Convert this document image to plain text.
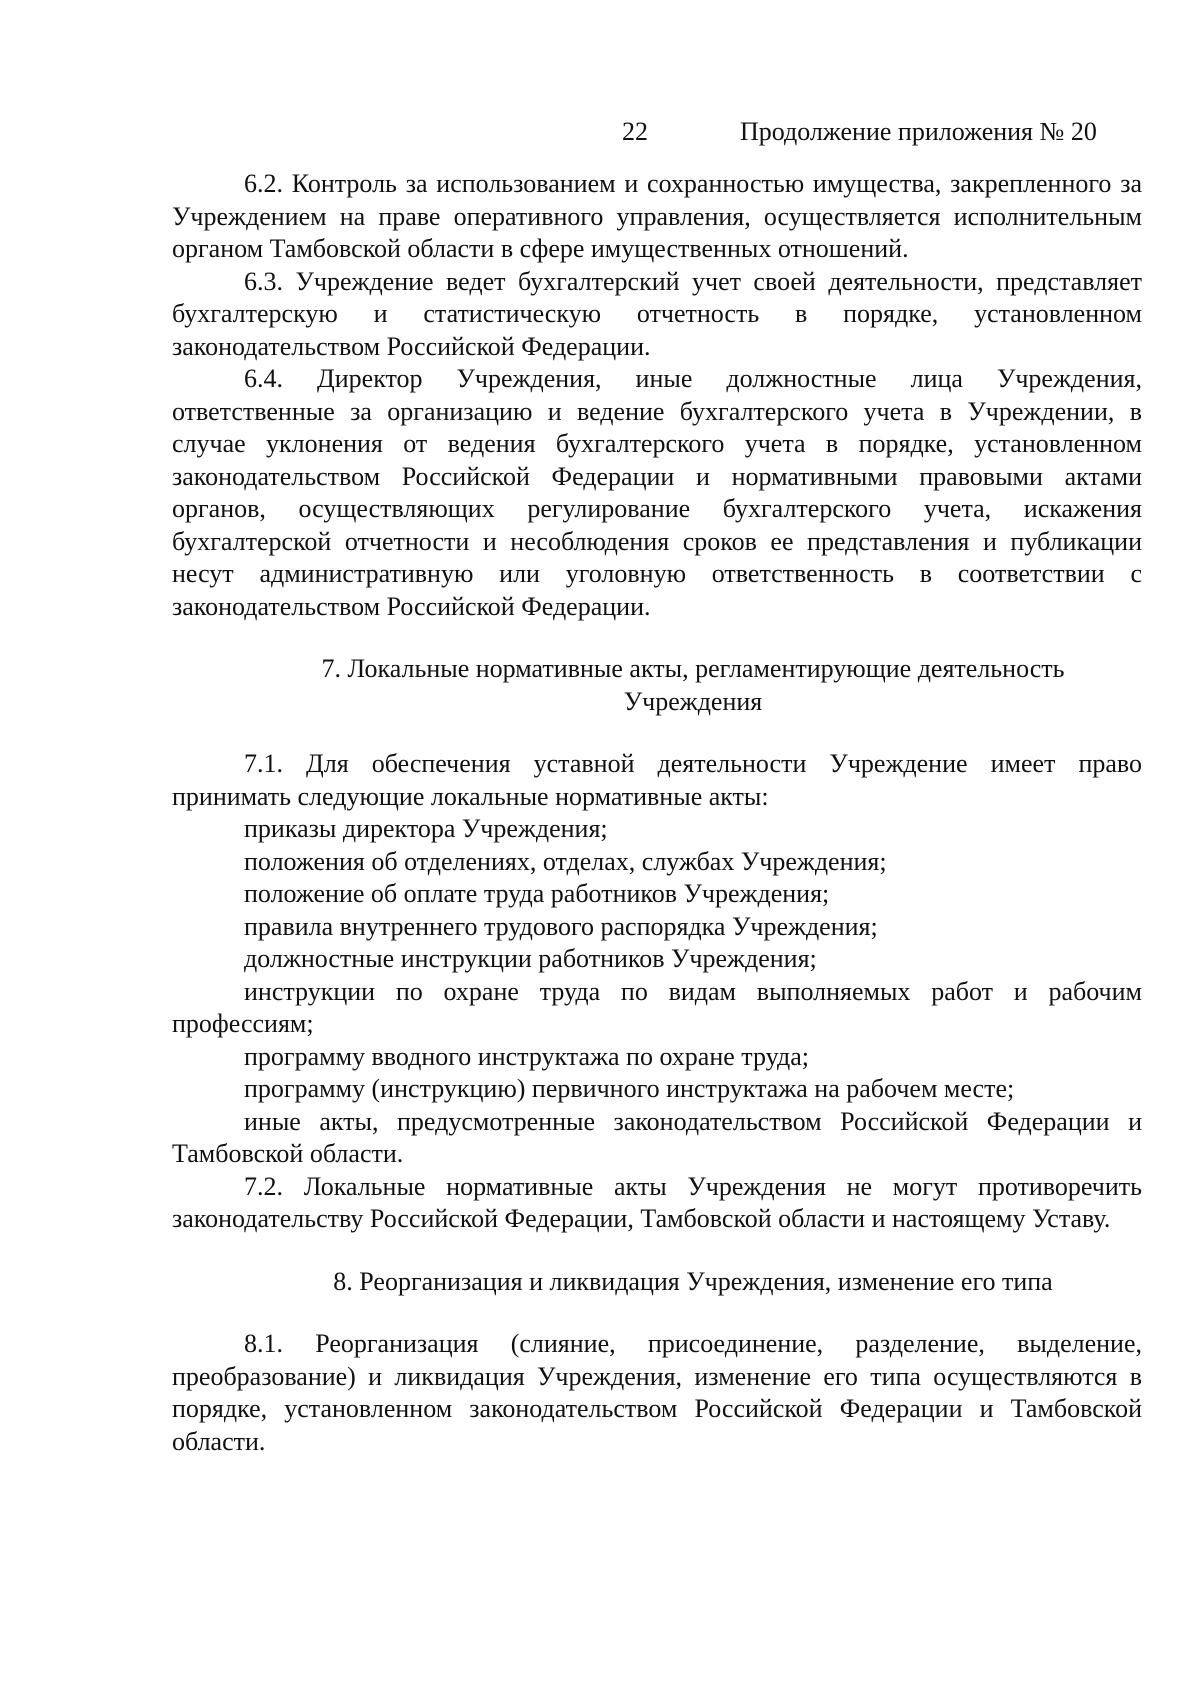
22	Продолжение приложения № 20

6.2. Контроль за использованием и сохранностью имущества, закрепленного за Учреждением на праве оперативного управления, осуществляется исполнительным органом Тамбовской области в сфере имущественных отношений.

6.3. Учреждение ведет бухгалтерский учет своей деятельности, представляет бухгалтерскую и статистическую отчетность в порядке, установленном законодательством Российской Федерации.

6.4. Директор Учреждения, иные должностные лица Учреждения, ответственные за организацию и ведение бухгалтерского учета в Учреждении, в случае уклонения от ведения бухгалтерского учета в порядке, установленном законодательством Российской Федерации и нормативными правовыми актами органов, осуществляющих регулирование бухгалтерского учета, искажения бухгалтерской отчетности и несоблюдения сроков ее представления и публикации несут административную или уголовную ответственность в соответствии с законодательством Российской Федерации.

7. Локальные нормативные акты, регламентирующие деятельность
Учреждения

7.1. Для обеспечения уставной деятельности Учреждение имеет право принимать следующие локальные нормативные акты:

приказы директора Учреждения;

положения об отделениях, отделах, службах Учреждения;

положение об оплате труда работников Учреждения;

правила внутреннего трудового распорядка Учреждения;

должностные инструкции работников Учреждения;

инструкции по охране труда по видам выполняемых работ и рабочим профессиям;

программу вводного инструктажа по охране труда;

программу (инструкцию) первичного инструктажа на рабочем месте;

иные акты, предусмотренные законодательством Российской Федерации и Тамбовской области.

7.2. Локальные нормативные акты Учреждения не могут противоречить законодательству Российской Федерации, Тамбовской области и настоящему Уставу.

8. Реорганизация и ликвидация Учреждения, изменение его типа

8.1. Реорганизация (слияние, присоединение, разделение, выделение, преобразование) и ликвидация Учреждения, изменение его типа осуществляются в порядке, установленном законодательством Российской Федерации и Тамбовской области.
